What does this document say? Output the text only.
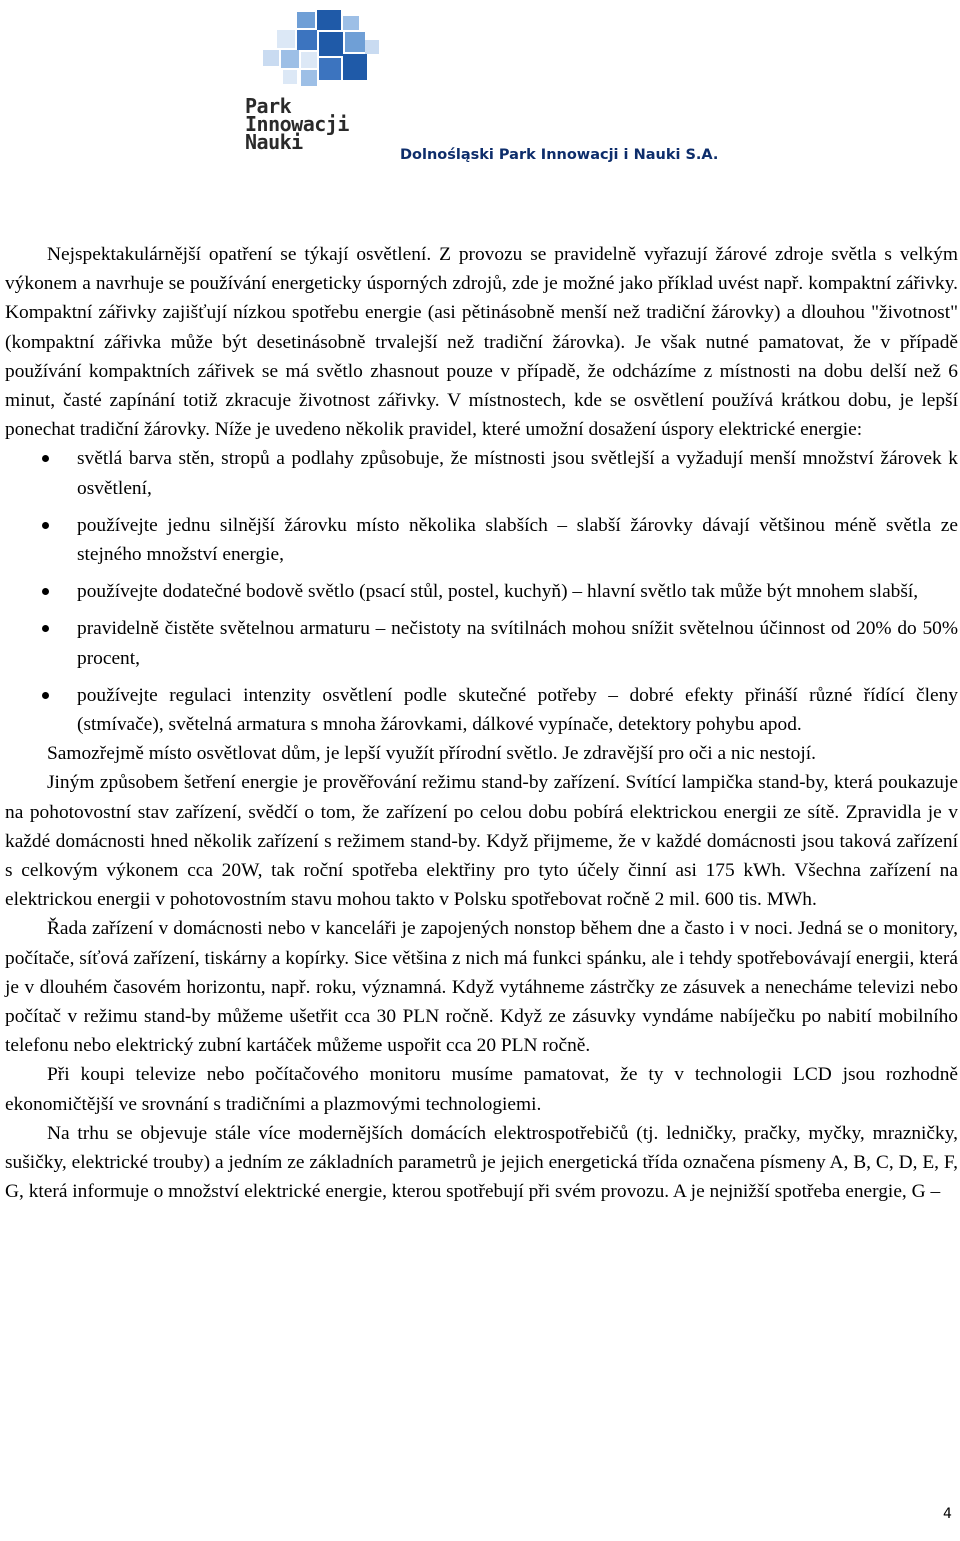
Park
Innowacji
Nauki
Dolnośląski Park Innowacji i Nauki S.A.

Nejspektakulárnější opatření se týkají osvětlení. Z provozu se pravidelně vyřazují žárové zdroje světla s velkým výkonem a navrhuje se používání energeticky úsporných zdrojů, zde je možné jako příklad uvést např. kompaktní zářivky. Kompaktní zářivky zajišťují nízkou spotřebu energie (asi pětinásobně menší než tradiční žárovky) a dlouhou "životnost" (kompaktní zářivka může být desetinásobně trvalejší než tradiční žárovka). Je však nutné pamatovat, že v případě používání kompaktních zářivek se má světlo zhasnout pouze v případě, že odcházíme z místnosti na dobu delší než 6 minut, časté zapínání totiž zkracuje životnost zářivky. V místnostech, kde se osvětlení používá krátkou dobu, je lepší ponechat tradiční žárovky. Níže je uvedeno několik pravidel, které umožní dosažení úspory elektrické energie:

světlá barva stěn, stropů a podlahy způsobuje, že místnosti jsou světlejší a vyžadují menší množství žárovek k osvětlení,
používejte jednu silnější žárovku místo několika slabších – slabší žárovky dávají většinou méně světla ze stejného množství energie,
používejte dodatečné bodově světlo (psací stůl, postel, kuchyň) – hlavní světlo tak může být mnohem slabší,
pravidelně čistěte světelnou armaturu – nečistoty na svítilnách mohou snížit světelnou účinnost od 20% do 50% procent,
používejte regulaci intenzity osvětlení podle skutečné potřeby – dobré efekty přináší různé řídící členy (stmívače), světelná armatura s mnoha žárovkami, dálkové vypínače, detektory pohybu apod.

Samozřejmě místo osvětlovat dům, je lepší využít přírodní světlo. Je zdravější pro oči a nic nestojí.

Jiným způsobem šetření energie je prověřování režimu stand-by zařízení. Svítící lampička stand-by, která poukazuje na pohotovostní stav zařízení, svědčí o tom, že zařízení po celou dobu pobírá elektrickou energii ze sítě. Zpravidla je v každé domácnosti hned několik zařízení s režimem stand-by. Když přijmeme, že v každé domácnosti jsou taková zařízení s celkovým výkonem cca 20W, tak roční spotřeba elektřiny pro tyto účely činní asi 175 kWh. Všechna zařízení na elektrickou energii v pohotovostním stavu mohou takto v Polsku spotřebovat ročně 2 mil. 600 tis. MWh.

Řada zařízení v domácnosti nebo v kanceláři je zapojených nonstop během dne a často i v noci. Jedná se o monitory, počítače, síťová zařízení, tiskárny a kopírky. Sice většina z nich má funkci spánku, ale i tehdy spotřebovávají energii, která je v dlouhém časovém horizontu, např. roku, významná. Když vytáhneme zástrčky ze zásuvek a nenecháme televizi nebo počítač v režimu stand-by můžeme ušetřit cca 30 PLN ročně. Když ze zásuvky vyndáme nabíječku po nabití mobilního telefonu nebo elektrický zubní kartáček můžeme uspořit cca 20 PLN ročně.

Při koupi televize nebo počítačového monitoru musíme pamatovat, že ty v technologii LCD jsou rozhodně ekonomičtější ve srovnání s tradičními a plazmovými technologiemi.

Na trhu se objevuje stále více modernějších domácích elektrospotřebičů (tj. ledničky, pračky, myčky, mrazničky, sušičky, elektrické trouby) a jedním ze základních parametrů je jejich energetická třída označena písmeny A, B, C, D, E, F, G, která informuje o množství elektrické energie, kterou spotřebují při svém provozu. A je nejnižší spotřeba energie, G –

4
